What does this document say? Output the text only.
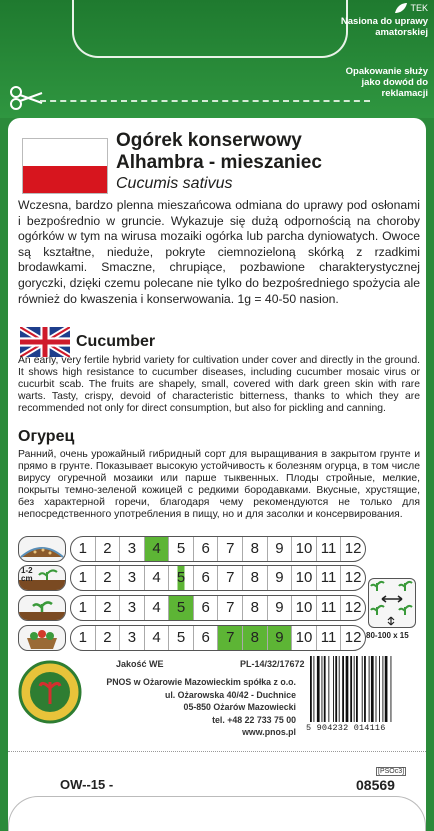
TEK
Nasiona do uprawy amatorskiej
Opakowanie służy jako dowód do reklamacji
Ogórek konserwowy
Alhambra - mieszaniec
Cucumis sativus
Wczesna, bardzo plenna mieszańcowa odmiana do uprawy pod osłonami i bezpośrednio w gruncie. Wykazuje się dużą odpornością na choroby ogórków w tym na wirusa mozaiki ogórka lub parcha dyniowatych. Owoce są kształtne, nieduże, pokryte ciemnozieloną skórką z rzadkimi brodawkami. Smaczne, chrupiące, pozbawione charakterystycznej goryczki, dzięki czemu polecane nie tylko do bezpośredniego spożycia ale również do kwaszenia i konserwowania. 1g = 40-50 nasion.
Cucumber
An early, very fertile hybrid variety for cultivation under cover and directly in the ground. It shows high resistance to cucumber diseases, including cucumber mosaic virus or cucurbit scab. The fruits are shapely, small, covered with dark green skin with rare warts. Tasty, crispy, devoid of characteristic bitterness, thanks to which they are recommended not only for direct consumption, but also for pickling and canning.
Огурец
Ранний, очень урожайный гибридный сорт для выращивания в закрытом грунте и прямо в грунте. Показывает высокую устойчивость к болезням огурца, в том числе вирусу огуречной мозаики или парше тыквенных. Плоды стройные, мелкие, покрыты темно-зеленой кожицей с редкими бородавками. Вкусные, хрустящие, без характерной горечи, благодаря чему рекомендуются не только для непосредственного употребления в пищу, но и для засолки и консервирования.
1	2	3	4	5	6	7	8	9 10 11 12
1-2 cm	1	2	3	4	5	6	7	8	9 10 11 12
1	2	3	4	5	6	7	8	9 10 11 12
1	2	3	4	5	6	7	8	9 10 11 12 80-100 x 15
Jakość WE	PL-14/32/17672
PNOS w Ożarowie Mazowieckim spółka z o.o.
ul. Ożarowska 40/42 - Duchnice
05-850 Ożarów Mazowiecki
tel. +48 22 733 75 00
www.pnos.pl 5 904232 014116
OW--15 -
[PSOc3]
08569
